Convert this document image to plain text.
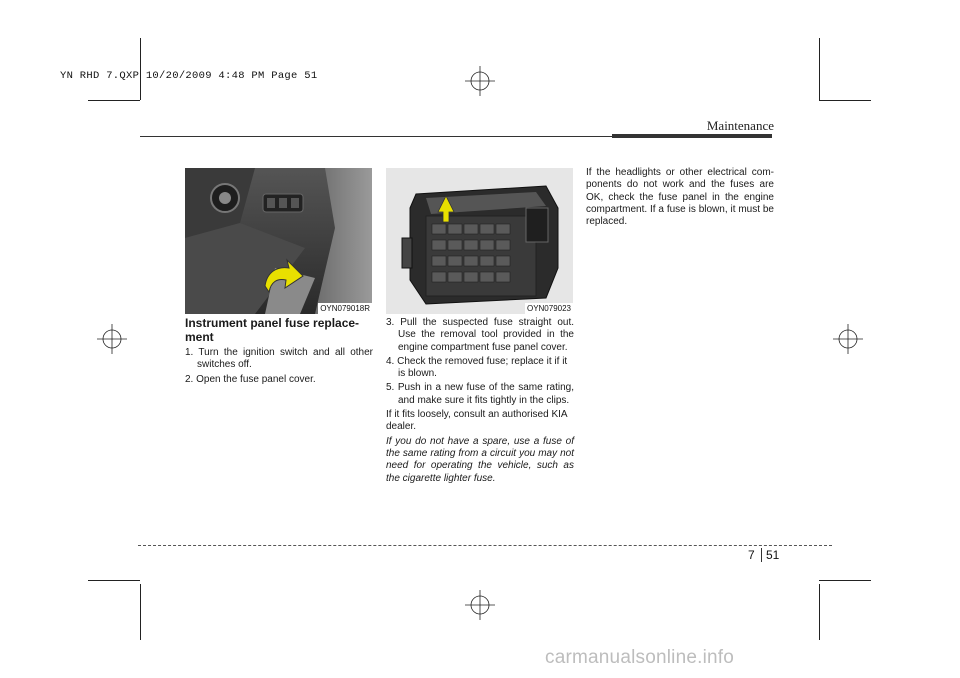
YN RHD 7.QXP 10/20/2009 4:48 PM Page 51
Maintenance
OYN079018R	OYN079023

Instrument panel fuse replace-ment

1. Turn the ignition switch and all other switches off.

2. Open the fuse panel cover.

3. Pull the suspected fuse straight out. Use the removal tool provided in the engine compartment fuse panel cover.

4. Check the removed fuse; replace it if it is blown.

5. Push in a new fuse of the same rating, and make sure it fits tightly in the clips.

If it fits loosely, consult an authorised KIA dealer.

If you do not have a spare, use a fuse of the same rating from a circuit you may not need for operating the vehicle, such as the cigarette lighter fuse.

If the headlights or other electrical com-ponents do not work and the fuses are OK, check the fuse panel in the engine compartment. If a fuse is blown, it must be replaced.

7 51
carmanualsonline.info
